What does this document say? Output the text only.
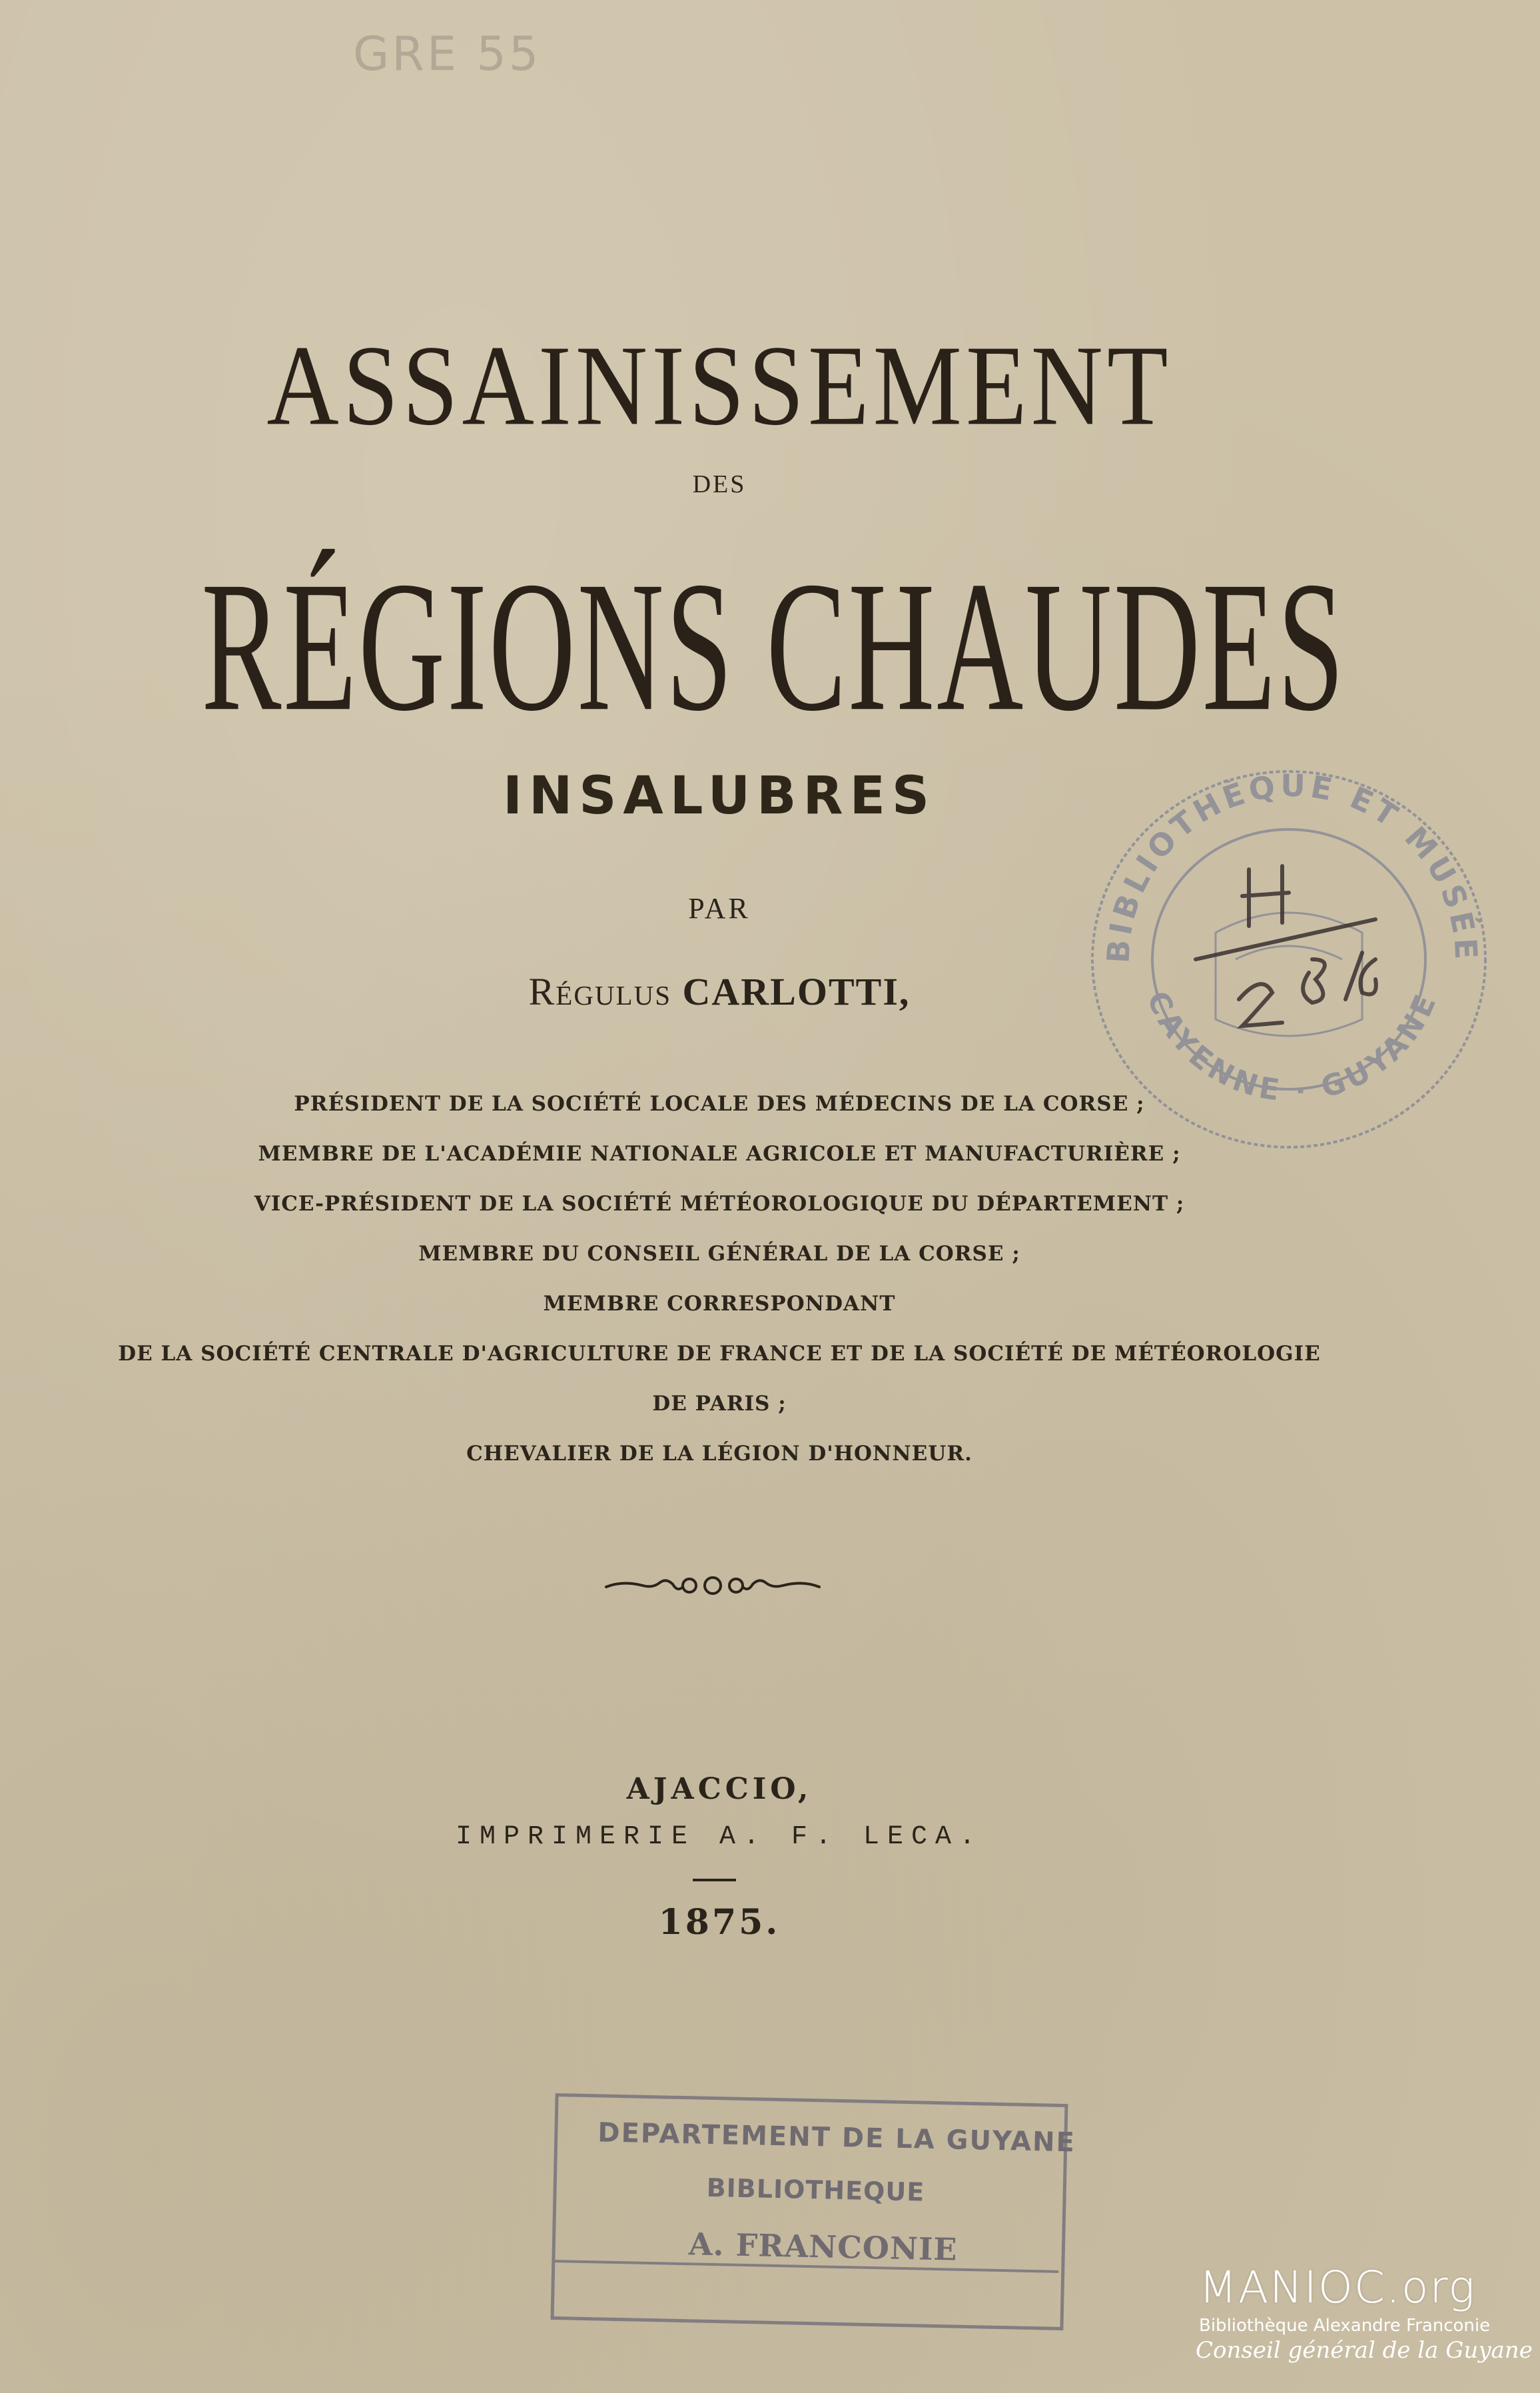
GRE 55
ASSAINISSEMENT
DES
RÉGIONS CHAUDES
INSALUBRES
PAR
Régulus CARLOTTI,
PRÉSIDENT DE LA SOCIÉTÉ LOCALE DES MÉDECINS DE LA CORSE ;
MEMBRE DE L'ACADÉMIE NATIONALE AGRICOLE ET MANUFACTURIÈRE ;
VICE-PRÉSIDENT DE LA SOCIÉTÉ MÉTÉOROLOGIQUE DU DÉPARTEMENT ;
MEMBRE DU CONSEIL GÉNÉRAL DE LA CORSE ;
MEMBRE CORRESPONDANT
DE LA SOCIÉTÉ CENTRALE D'AGRICULTURE DE FRANCE ET DE LA SOCIÉTÉ DE MÉTÉOROLOGIE
DE PARIS ;
CHEVALIER DE LA LÉGION D'HONNEUR.
AJACCIO,
IMPRIMERIE A. F. LECA.
1875.
BIBLIOTHÈQUE ET MUSÉE
CAYENNE · GUYANE
DEPARTEMENT DE LA GUYANE
BIBLIOTHEQUE
A. FRANCONIE
MANIOC.org
Bibliothèque Alexandre Franconie
Conseil général de la Guyane
